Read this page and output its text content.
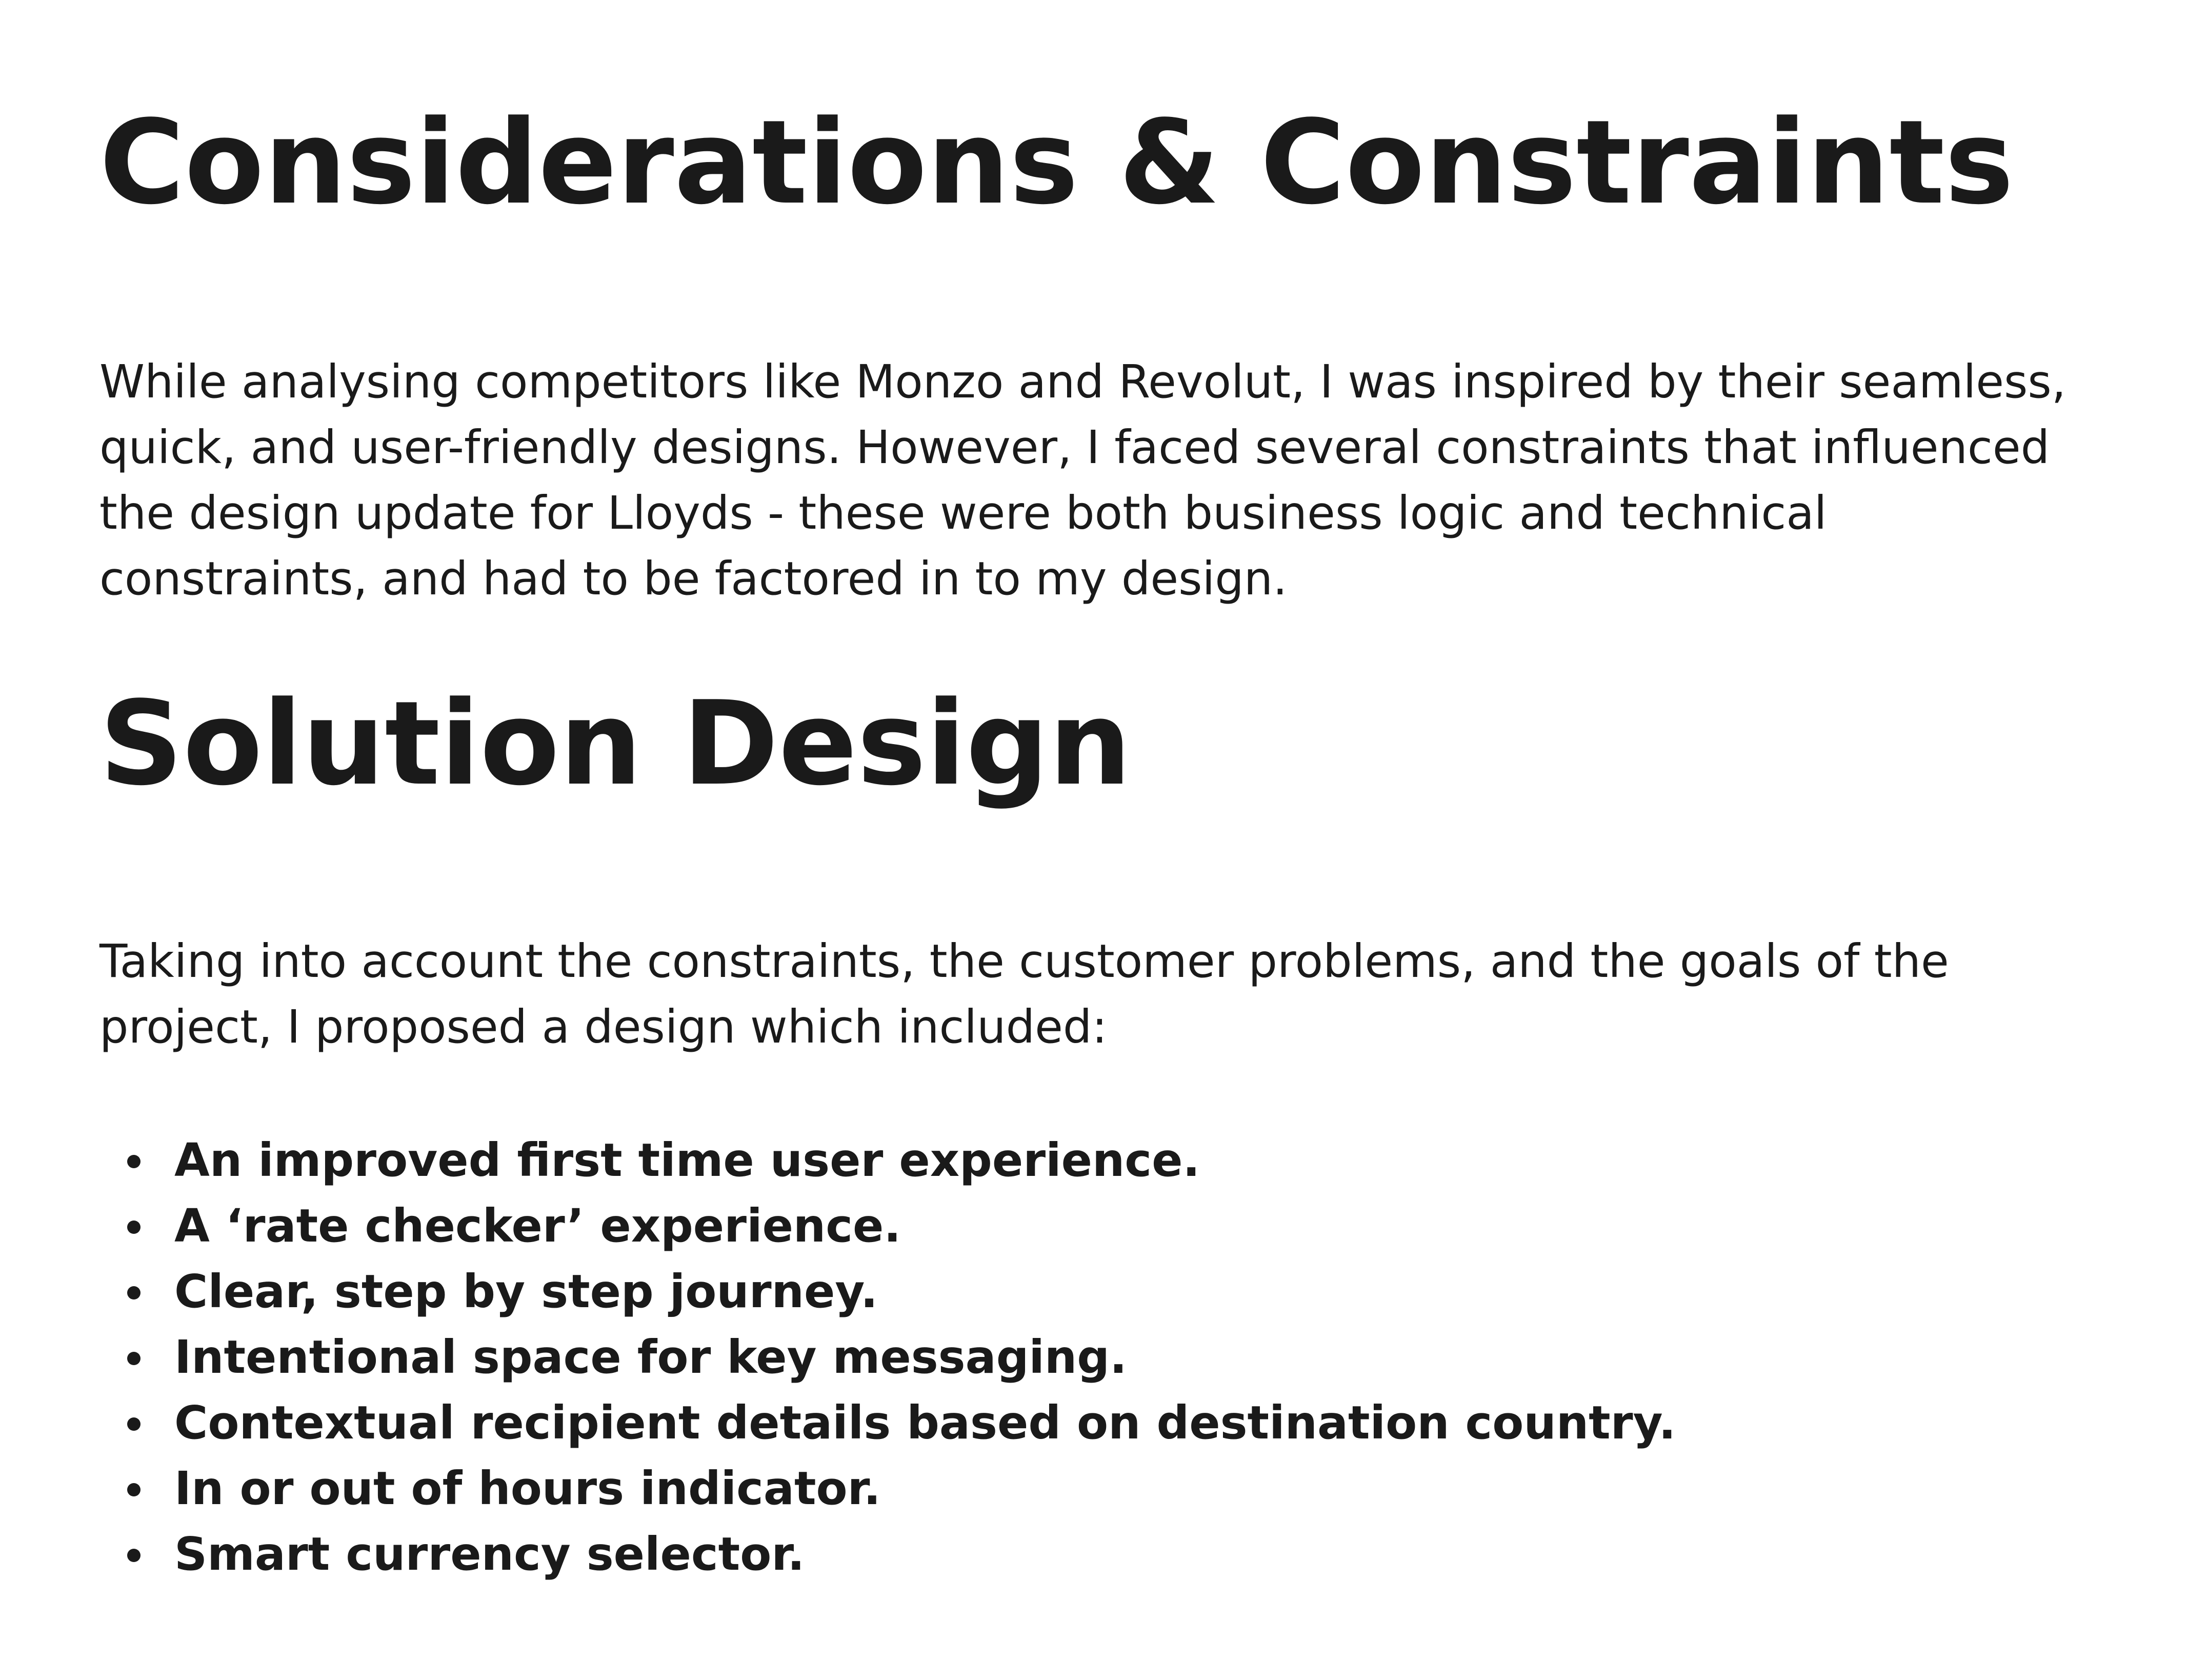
Considerations & Constraints

While analysing competitors like Monzo and Revolut, I was inspired by their seamless,
quick, and user-friendly designs. However, I faced several constraints that influenced
the design update for Lloyds - these were both business logic and technical
constraints, and had to be factored in to my design.

Solution Design

Taking into account the constraints, the customer problems, and the goals of the
project, I proposed a design which included:

An improved first time user experience.
A ‘rate checker’ experience.
Clear, step by step journey.
Intentional space for key messaging.
Contextual recipient details based on destination country.
In or out of hours indicator.
Smart currency selector.
